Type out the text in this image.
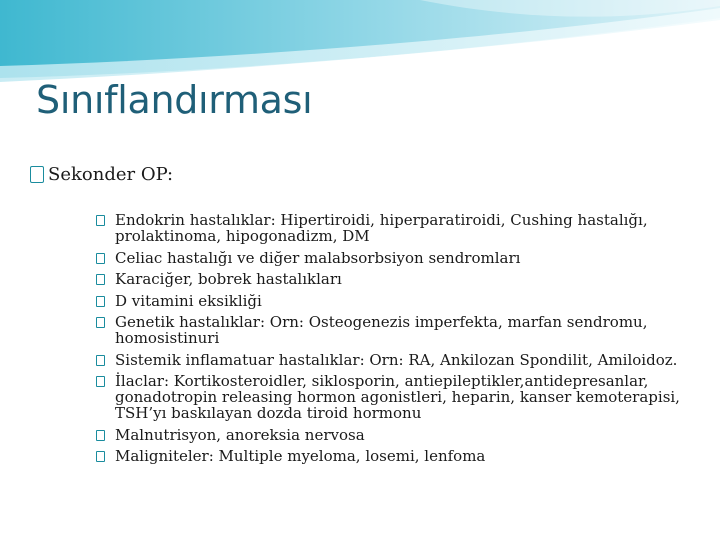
Sınıflandırması
Sekonder OP:
Endokrin hastalıklar: Hipertiroidi, hiperparatiroidi, Cushing hastalığı, prolaktinoma, hipogonadizm, DM
Celiac hastalığı ve diğer malabsorbsiyon sendromları
Karaciğer, bobrek hastalıkları
D vitamini eksikliği
Genetik hastalıklar: Orn: Osteogenezis imperfekta, marfan sendromu, homosistinuri
Sistemik inflamatuar hastalıklar: Orn: RA, Ankilozan Spondilit, Amiloidoz.
İlaclar: Kortikosteroidler, siklosporin, antiepileptikler,antidepresanlar, gonadotropin releasing hormon agonistleri, heparin, kanser kemoterapisi, TSH’yı baskılayan dozda tiroid hormonu
Malnutrisyon, anoreksia nervosa
Maligniteler: Multiple myeloma, losemi, lenfoma
